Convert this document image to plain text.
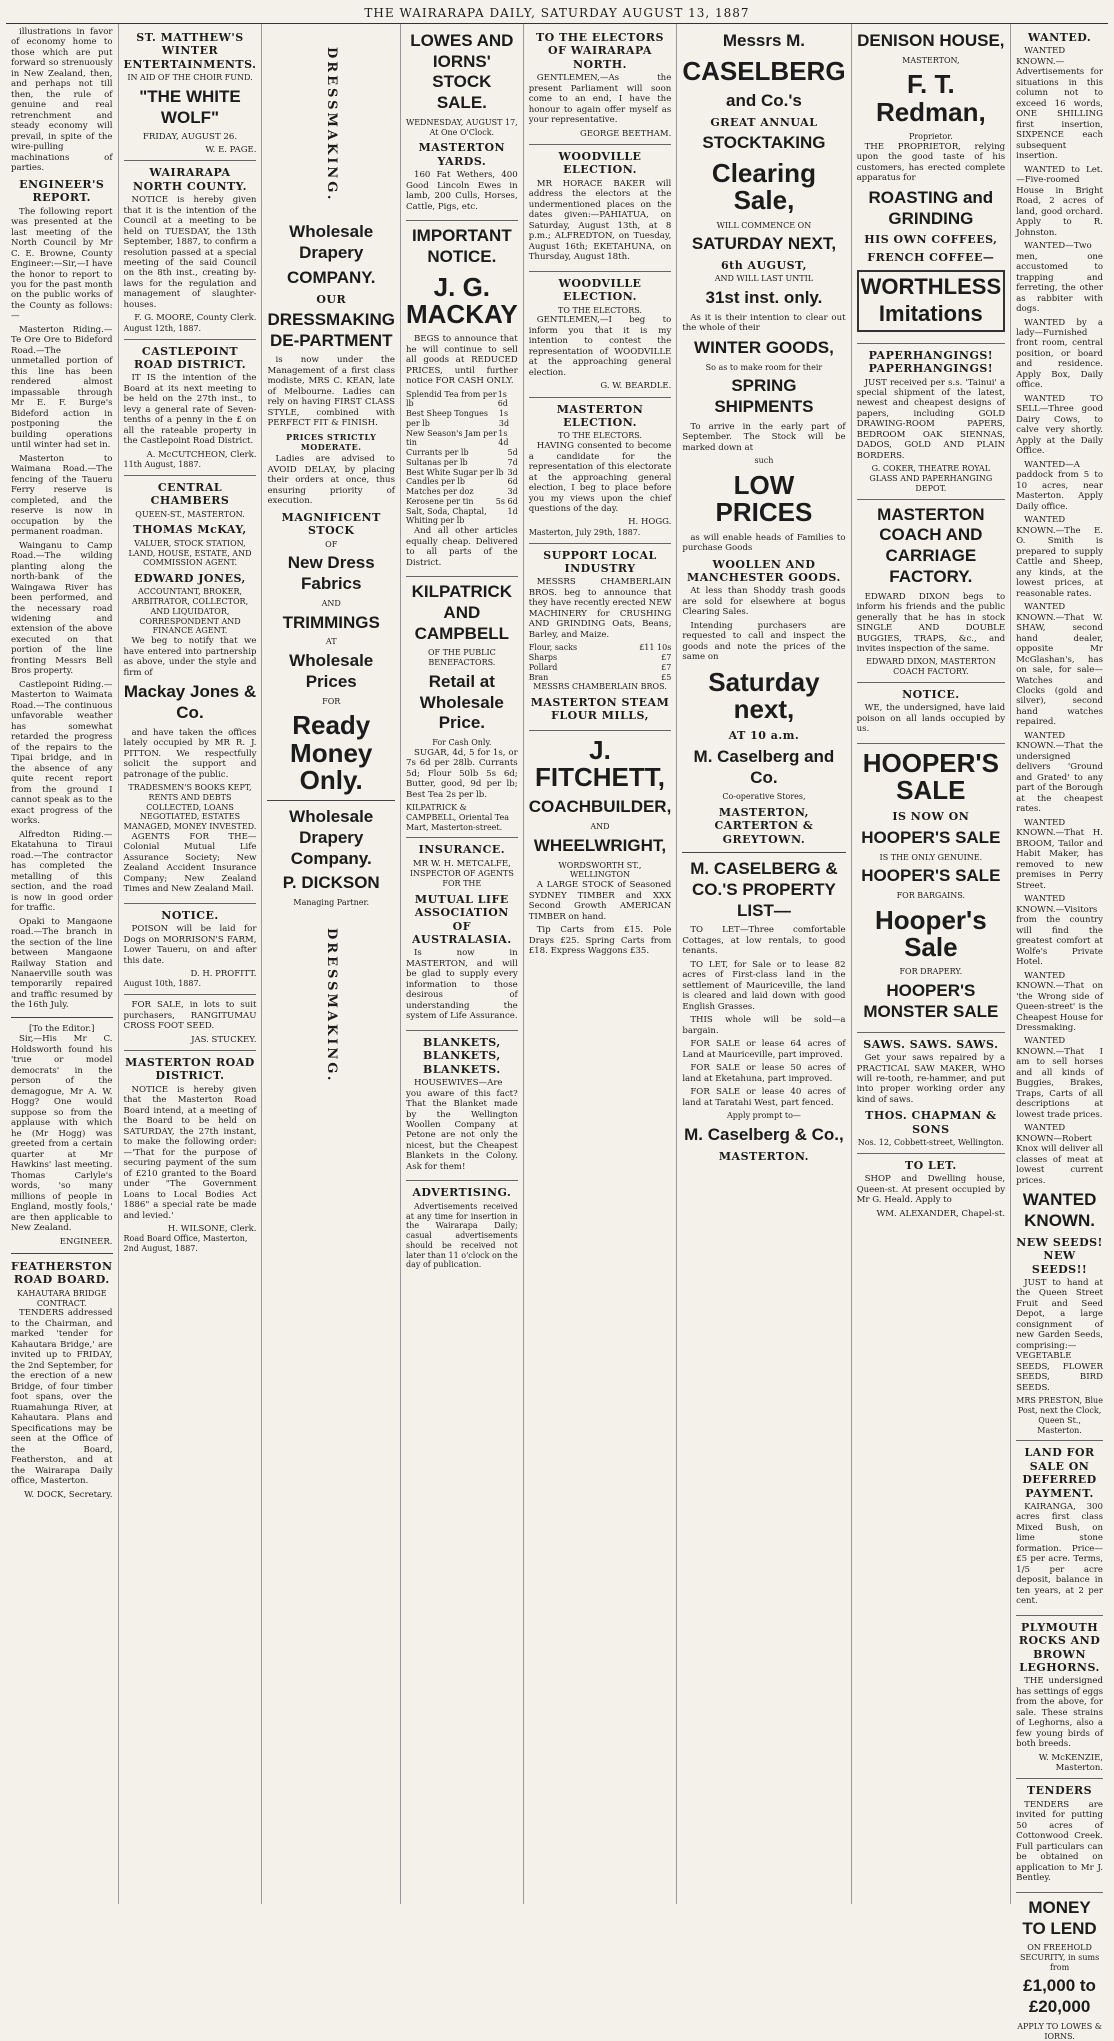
THE WAIRARAPA DAILY, SATURDAY AUGUST 13, 1887

illustrations in favor of economy home to those which are put forward so strenuously in New Zealand, then, and perhaps not till then, the rule of genuine and real retrenchment and steady economy will prevail, in spite of the wire-pulling machinations of parties.

ENGINEER'S REPORT.

The following report was presented at the last meeting of the North Council by Mr C. E. Browne, County Engineer:—Sir,—I have the honor to report to you for the past month on the public works of the County as follows:—

Masterton Riding.—Te Ore Ore to Bideford Road.—The unmetalled portion of this line has been rendered almost impassable through Mr E. F. Burge's Bideford action in postponing the building operations until winter had set in.

Masterton to Waimana Road.—The fencing of the Taueru Ferry reserve is completed, and the reserve is now in occupation by the permanent roadman.

Wainganu to Camp Road.—The wilding planting along the north-bank of the Waingawa River has been performed, and the necessary road widening and extension of the above executed on that portion of the line fronting Messrs Bell Bros property.

Castlepoint Riding.—Masterton to Waimata Road.—The continuous unfavorable weather has somewhat retarded the progress of the repairs to the Tipai bridge, and in the absence of any quite recent report from the ground I cannot speak as to the exact progress of the works.

Alfredton Riding.—Ekatahuna to Tiraui road.—The contractor has completed the metalling of this section, and the road is now in good order for traffic.

Opaki to Mangaone road.—The branch in the section of the line between Mangaone Railway Station and Nanaerville south was temporarily repaired and traffic resumed by the 16th July.

[To the Editor.]

Sir,—His Mr C. Holdsworth found his 'true or model democrats' in the person of the demagogue, Mr A. W. Hogg? One would suppose so from the applause with which he (Mr Hogg) was greeted from a certain quarter at Mr Hawkins' last meeting. Thomas Carlyle's words, 'so many millions of people in England, mostly fools,' are then applicable to New Zealand.

ENGINEER.
FEATHERSTON ROAD BOARD.
KAHAUTARA BRIDGE CONTRACT.

TENDERS addressed to the Chairman, and marked 'tender for Kahautara Bridge,' are invited up to FRIDAY, the 2nd September, for the erection of a new Bridge, of four timber foot spans, over the Ruamahunga River, at Kahautara. Plans and Specifications may be seen at the Office of the Board, Featherston, and at the Wairarapa Daily office, Masterton.

W. DOCK, Secretary.
ST. MATTHEW'S WINTER ENTERTAINMENTS.
IN AID OF THE CHOIR FUND.
"THE WHITE WOLF"
FRIDAY, AUGUST 26.
W. E. PAGE.
WAIRARAPA NORTH COUNTY.

NOTICE is hereby given that it is the intention of the Council at a meeting to be held on TUESDAY, the 13th September, 1887, to confirm a resolution passed at a special meeting of the said Council on the 8th inst., creating by-laws for the regulation and management of slaughter-houses.

F. G. MOORE, County Clerk.
August 12th, 1887.
CASTLEPOINT ROAD DISTRICT.

IT IS the intention of the Board at its next meeting to be held on the 27th inst., to levy a general rate of Seven-tenths of a penny in the £ on all the rateable property in the Castlepoint Road District.

A. McCUTCHEON, Clerk.
11th August, 1887.
CENTRAL CHAMBERS
QUEEN-ST., MASTERTON.
THOMAS McKAY,
VALUER, STOCK STATION, LAND, HOUSE, ESTATE, AND COMMISSION AGENT.
EDWARD JONES,
ACCOUNTANT, BROKER, ARBITRATOR, COLLECTOR, AND LIQUIDATOR, CORRESPONDENT AND FINANCE AGENT.

We beg to notify that we have entered into partnership as above, under the style and firm of

Mackay Jones & Co.

and have taken the offices lately occupied by MR R. J. PITTON. We respectfully solicit the support and patronage of the public.

TRADESMEN'S BOOKS KEPT, RENTS AND DEBTS COLLECTED, LOANS NEGOTIATED, ESTATES MANAGED, MONEY INVESTED.

AGENTS FOR THE—Colonial Mutual Life Assurance Society; New Zealand Accident Insurance Company; New Zealand Times and New Zealand Mail.

NOTICE.

POISON will be laid for Dogs on MORRISON'S FARM, Lower Taueru, on and after this date.

D. H. PROFITT.
August 10th, 1887.

FOR SALE, in lots to suit purchasers, RANGITUMAU CROSS FOOT SEED.

JAS. STUCKEY.
MASTERTON ROAD DISTRICT.

NOTICE is hereby given that the Masterton Road Board intend, at a meeting of the Board to be held on SATURDAY, the 27th instant, to make the following order:—'That for the purpose of securing payment of the sum of £210 granted to the Board under "The Government Loans to Local Bodies Act 1886" a special rate be made and levied.'

H. WILSONE, Clerk.
Road Board Office, Masterton, 2nd August, 1887.
DRESSMAKING.
Wholesale Drapery
COMPANY.
OUR
DRESSMAKING DE-PARTMENT

is now under the Management of a first class modiste, MRS C. KEAN, late of Melbourne. Ladies can rely on having FIRST CLASS STYLE, combined with PERFECT FIT & FINISH.

PRICES STRICTLY MODERATE.

Ladies are advised to AVOID DELAY, by placing their orders at once, thus ensuring priority of execution.

MAGNIFICENT STOCK
OF
New Dress Fabrics
AND
TRIMMINGS
AT
Wholesale Prices
FOR
Ready Money Only.
Wholesale Drapery Company.
P. DICKSON
Managing Partner.
DRESSMAKING.
LOWES AND IORNS' STOCK SALE.
WEDNESDAY, AUGUST 17, At One O'Clock.
MASTERTON YARDS.

160 Fat Wethers, 400 Good Lincoln Ewes in lamb, 200 Culls, Horses, Cattle, Pigs, etc.

IMPORTANT NOTICE.
J. G. MACKAY

BEGS to announce that he will continue to sell all goods at REDUCED PRICES, until further notice FOR CASH ONLY.

Splendid Tea from per lb
1s 6d
Best Sheep Tongues per lb
1s 3d
New Season's Jam per tin
1s 4d
Currants per lb	5d
Sultanas per lb	7d
Best White Sugar per lb 3d
Candles per lb	6d
Matches per doz	3d
Kerosene per tin	5s 6d
Salt, Soda, Chaptal, Whiting per lb
1d

And all other articles equally cheap. Delivered to all parts of the District.

KILPATRICK AND CAMPBELL
OF THE PUBLIC BENEFACTORS.
Retail at Wholesale Price.
For Cash Only.

SUGAR, 4d, 5 for 1s, or 7s 6d per 28lb. Currants 5d; Flour 50lb 5s 6d; Butter, good, 9d per lb; Best Tea 2s per lb.

KILPATRICK & CAMPBELL, Oriental Tea Mart, Masterton-street.
INSURANCE.
MR W. H. METCALFE,
INSPECTOR OF AGENTS FOR THE
MUTUAL LIFE ASSOCIATION OF AUSTRALASIA.

Is now in MASTERTON, and will be glad to supply every information to those desirous of understanding the system of Life Assurance.

BLANKETS, BLANKETS, BLANKETS.

HOUSEWIVES—Are you aware of this fact? That the Blanket made by the Wellington Woollen Company at Petone are not only the nicest, but the Cheapest Blankets in the Colony. Ask for them!

ADVERTISING.

Advertisements received at any time for insertion in the Wairarapa Daily; casual advertisements should be received not later than 11 o'clock on the day of publication.

TO THE ELECTORS OF WAIRARAPA NORTH.

GENTLEMEN,—As the present Parliament will soon come to an end, I have the honour to again offer myself as your representative.

GEORGE BEETHAM.
WOODVILLE ELECTION.

MR HORACE BAKER will address the electors at the undermentioned places on the dates given:—PAHIATUA, on Saturday, August 13th, at 8 p.m.; ALFREDTON, on Tuesday, August 16th; EKETAHUNA, on Thursday, August 18th.

WOODVILLE ELECTION.
TO THE ELECTORS.

GENTLEMEN,—I beg to inform you that it is my intention to contest the representation of WOODVILLE at the approaching general election.

G. W. BEARDLE.
MASTERTON ELECTION.
TO THE ELECTORS.

HAVING consented to become a candidate for the representation of this electorate at the approaching general election, I beg to place before you my views upon the chief questions of the day.

H. HOGG.
Masterton, July 29th, 1887.
SUPPORT LOCAL INDUSTRY

MESSRS CHAMBERLAIN BROS. beg to announce that they have recently erected NEW MACHINERY for CRUSHING AND GRINDING Oats, Beans, Barley, and Maize.

Flour, sacks	£11 10s
Sharps	£7
Pollard	£7
Bran	£5
MESSRS CHAMBERLAIN BROS.
MASTERTON STEAM FLOUR MILLS,
J. FITCHETT,
COACHBUILDER,
AND
WHEELWRIGHT,
WORDSWORTH ST., WELLINGTON

A LARGE STOCK of Seasoned SYDNEY TIMBER and XXX Second Growth AMERICAN TIMBER on hand.

Tip Carts from £15. Pole Drays £25. Spring Carts from £18. Express Waggons £35.

Messrs M.
CASELBERG
and Co.'s
GREAT ANNUAL
STOCKTAKING
Clearing Sale,
WILL COMMENCE ON
SATURDAY NEXT,
6th AUGUST,
AND WILL LAST UNTIL
31st inst. only.

As it is their intention to clear out the whole of their

WINTER GOODS,
So as to make room for their
SPRING SHIPMENTS

To arrive in the early part of September. The Stock will be marked down at

such
LOW PRICES

as will enable heads of Families to purchase Goods

WOOLLEN AND MANCHESTER GOODS.

At less than Shoddy trash goods are sold for elsewhere at bogus Clearing Sales.

Intending purchasers are requested to call and inspect the goods and note the prices of the same on

Saturday next,
AT 10 a.m.
M. Caselberg and Co.
Co-operative Stores,
MASTERTON, CARTERTON & GREYTOWN.
M. CASELBERG & CO.'S PROPERTY LIST—

TO LET—Three comfortable Cottages, at low rentals, to good tenants.

TO LET, for Sale or to lease 82 acres of First-class land in the settlement of Mauriceville, the land is cleared and laid down with good English Grasses.

THIS whole will be sold—a bargain.

FOR SALE or lease 64 acres of Land at Mauriceville, part improved.

FOR SALE or lease 50 acres of land at Eketahuna, part improved.

FOR SALE or lease 40 acres of land at Taratahi West, part fenced.

Apply prompt to—
M. Caselberg & Co.,
MASTERTON.
DENISON HOUSE,
MASTERTON,
F. T. Redman,
Proprietor.

THE PROPRIETOR, relying upon the good taste of his customers, has erected complete apparatus for

ROASTING and GRINDING
HIS OWN COFFEES,
FRENCH COFFEE—
WORTHLESS Imitations
PAPERHANGINGS! PAPERHANGINGS!

JUST received per s.s. 'Tainui' a special shipment of the latest, newest and cheapest designs of papers, including GOLD DRAWING-ROOM PAPERS, BEDROOM OAK SIENNAS, DADOS, GOLD AND PLAIN BORDERS.

G. COKER, THEATRE ROYAL GLASS AND PAPERHANGING DEPOT.
MASTERTON COACH AND CARRIAGE FACTORY.

EDWARD DIXON begs to inform his friends and the public generally that he has in stock SINGLE AND DOUBLE BUGGIES, TRAPS, &c., and invites inspection of the same.

EDWARD DIXON, MASTERTON COACH FACTORY.
NOTICE.

WE, the undersigned, have laid poison on all lands occupied by us.

HOOPER'S SALE
IS NOW ON
HOOPER'S SALE
IS THE ONLY GENUINE.
HOOPER'S SALE
FOR BARGAINS.
Hooper's Sale
FOR DRAPERY.
HOOPER'S MONSTER SALE
SAWS. SAWS. SAWS.

Get your saws repaired by a PRACTICAL SAW MAKER, WHO will re-tooth, re-hammer, and put into proper working order any kind of saws.

THOS. CHAPMAN & SONS
Nos. 12, Cobbett-street, Wellington.
TO LET.

SHOP and Dwelling house, Queen-st. At present occupied by Mr G. Heald. Apply to

WM. ALEXANDER, Chapel-st.
WANTED.

WANTED KNOWN.—Advertisements for situations in this column not to exceed 16 words, ONE SHILLING first insertion, SIXPENCE each subsequent insertion.

WANTED to Let.—Five-roomed House in Bright Road, 2 acres of land, good orchard. Apply to R. Johnston.

WANTED—Two men, one accustomed to trapping and ferreting, the other as rabbiter with dogs.

WANTED by a lady—Furnished front room, central position, or board and residence. Apply Box, Daily office.

WANTED TO SELL—Three good Dairy Cows, to calve very shortly. Apply at the Daily Office.

WANTED—A paddock from 5 to 10 acres, near Masterton. Apply Daily office.

WANTED KNOWN.—The E. O. Smith is prepared to supply Cattle and Sheep, any kinds, at the lowest prices, at reasonable rates.

WANTED KNOWN.—That W. SHAW, second hand dealer, opposite Mr McGlashan's, has on sale, for sale—Watches and Clocks (gold and silver), second hand watches repaired.

WANTED KNOWN.—That the undersigned delivers 'Ground and Grated' to any part of the Borough at the cheapest rates.

WANTED KNOWN.—That H. BROOM, Tailor and Habit Maker, has removed to new premises in Perry Street.

WANTED KNOWN.—Visitors from the country will find the greatest comfort at Wolfe's Private Hotel.

WANTED KNOWN.—That on 'the Wrong side of Queen-street' is the Cheapest House for Dressmaking.

WANTED KNOWN.—That I am to sell horses and all kinds of Buggies, Brakes, Traps, Carts of all descriptions at lowest trade prices.

WANTED KNOWN—Robert Knox will deliver all classes of meat at lowest current prices.

WANTED KNOWN.
NEW SEEDS! NEW SEEDS!!

JUST to hand at the Queen Street Fruit and Seed Depot, a large consignment of new Garden Seeds, comprising:—VEGETABLE SEEDS, FLOWER SEEDS, BIRD SEEDS.

MRS PRESTON, Blue Post, next the Clock, Queen St., Masterton.
LAND FOR SALE ON DEFERRED PAYMENT.

KAIRANGA, 300 acres first class Mixed Bush, on lime stone formation. Price—£5 per acre. Terms, 1/5 per acre deposit, balance in ten years, at 2 per cent.

PLYMOUTH ROCKS AND BROWN LEGHORNS.

THE undersigned has settings of eggs from the above, for sale. These strains of Leghorns, also a few young birds of both breeds.

W. McKENZIE, Masterton.
TENDERS

TENDERS are invited for putting 50 acres of Cottonwood Creek. Full particulars can be obtained on application to Mr J. Bentley.

MONEY TO LEND
ON FREEHOLD SECURITY, in sums from
£1,000 to £20,000
APPLY TO LOWES & IORNS.
